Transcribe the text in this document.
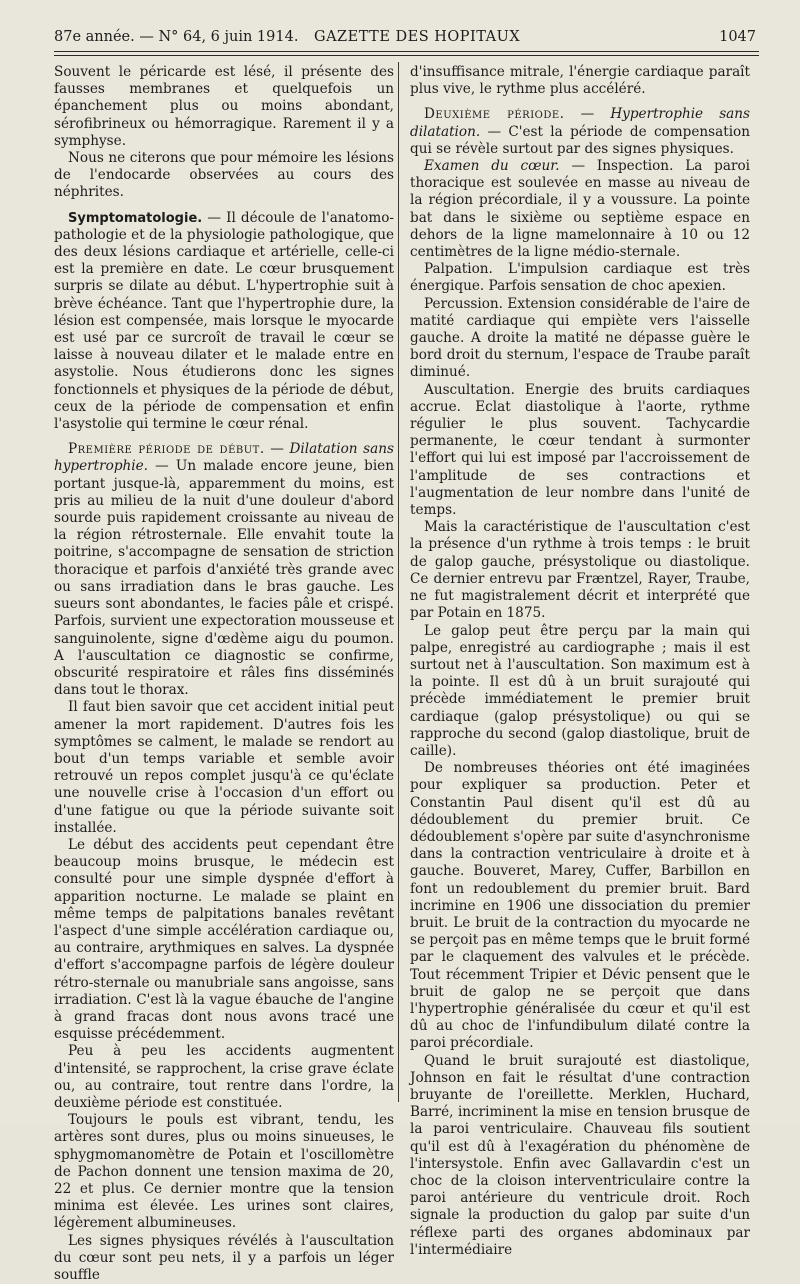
87e année. — N° 64, 6 juin 1914. GAZETTE DES HOPITAUX	1047

Souvent le péricarde est lésé, il présente des fausses membranes et quelquefois un épanchement plus ou moins abondant, sérofibrineux ou hémorragique. Rarement il y a symphyse.

Nous ne citerons que pour mémoire les lésions de l'endocarde observées au cours des néphrites.

Symptomatologie. — Il découle de l'anatomo-pathologie et de la physiologie pathologique, que des deux lésions cardiaque et artérielle, celle-ci est la première en date. Le cœur brusquement surpris se dilate au début. L'hypertrophie suit à brève échéance. Tant que l'hypertrophie dure, la lésion est compensée, mais lorsque le myocarde est usé par ce surcroît de travail le cœur se laisse à nouveau dilater et le malade entre en asystolie. Nous étudierons donc les signes fonctionnels et physiques de la période de début, ceux de la période de compensation et enfin l'asystolie qui termine le cœur rénal.

Première période de début. — Dilatation sans hypertrophie. — Un malade encore jeune, bien portant jusque-là, apparemment du moins, est pris au milieu de la nuit d'une douleur d'abord sourde puis rapidement croissante au niveau de la région rétrosternale. Elle envahit toute la poitrine, s'accompagne de sensation de striction thoracique et parfois d'anxiété très grande avec ou sans irradiation dans le bras gauche. Les sueurs sont abondantes, le facies pâle et crispé. Parfois, survient une expectoration mousseuse et sanguinolente, signe d'œdème aigu du poumon. A l'auscultation ce diagnostic se confirme, obscurité respiratoire et râles fins disséminés dans tout le thorax.

Il faut bien savoir que cet accident initial peut amener la mort rapidement. D'autres fois les symptômes se calment, le malade se rendort au bout d'un temps variable et semble avoir retrouvé un repos complet jusqu'à ce qu'éclate une nouvelle crise à l'occasion d'un effort ou d'une fatigue ou que la période suivante soit installée.

Le début des accidents peut cependant être beaucoup moins brusque, le médecin est consulté pour une simple dyspnée d'effort à apparition nocturne. Le malade se plaint en même temps de palpitations banales revêtant l'aspect d'une simple accélération cardiaque ou, au contraire, arythmiques en salves. La dyspnée d'effort s'accompagne parfois de légère douleur rétro-sternale ou manubriale sans angoisse, sans irradiation. C'est là la vague ébauche de l'angine à grand fracas dont nous avons tracé une esquisse précédemment.

Peu à peu les accidents augmentent d'intensité, se rapprochent, la crise grave éclate ou, au contraire, tout rentre dans l'ordre, la deuxième période est constituée.

Toujours le pouls est vibrant, tendu, les artères sont dures, plus ou moins sinueuses, le sphygmomanomètre de Potain et l'oscillomètre de Pachon donnent une tension maxima de 20, 22 et plus. Ce dernier montre que la tension minima est élevée. Les urines sont claires, légèrement albumineuses.

Les signes physiques révélés à l'auscultation du cœur sont peu nets, il y a parfois un léger souffle

d'insuffisance mitrale, l'énergie cardiaque paraît plus vive, le rythme plus accéléré.

Deuxième période. — Hypertrophie sans dilatation. — C'est la période de compensation qui se révèle surtout par des signes physiques.

Examen du cœur. — Inspection. La paroi thoracique est soulevée en masse au niveau de la région précordiale, il y a voussure. La pointe bat dans le sixième ou septième espace en dehors de la ligne mamelonnaire à 10 ou 12 centimètres de la ligne médio-sternale.

Palpation. L'impulsion cardiaque est très énergique. Parfois sensation de choc apexien.

Percussion. Extension considérable de l'aire de matité cardiaque qui empiète vers l'aisselle gauche. A droite la matité ne dépasse guère le bord droit du sternum, l'espace de Traube paraît diminué.

Auscultation. Energie des bruits cardiaques accrue. Eclat diastolique à l'aorte, rythme régulier le plus souvent. Tachycardie permanente, le cœur tendant à surmonter l'effort qui lui est imposé par l'accroissement de l'amplitude de ses contractions et l'augmentation de leur nombre dans l'unité de temps.

Mais la caractéristique de l'auscultation c'est la présence d'un rythme à trois temps : le bruit de galop gauche, présystolique ou diastolique. Ce dernier entrevu par Fræntzel, Rayer, Traube, ne fut magistralement décrit et interprété que par Potain en 1875.

Le galop peut être perçu par la main qui palpe, enregistré au cardiographe ; mais il est surtout net à l'auscultation. Son maximum est à la pointe. Il est dû à un bruit surajouté qui précède immédiatement le premier bruit cardiaque (galop présystolique) ou qui se rapproche du second (galop diastolique, bruit de caille).

De nombreuses théories ont été imaginées pour expliquer sa production. Peter et Constantin Paul disent qu'il est dû au dédoublement du premier bruit. Ce dédoublement s'opère par suite d'asynchronisme dans la contraction ventriculaire à droite et à gauche. Bouveret, Marey, Cuffer, Barbillon en font un redoublement du premier bruit. Bard incrimine en 1906 une dissociation du premier bruit. Le bruit de la contraction du myocarde ne se perçoit pas en même temps que le bruit formé par le claquement des valvules et le précède. Tout récemment Tripier et Dévic pensent que le bruit de galop ne se perçoit que dans l'hypertrophie généralisée du cœur et qu'il est dû au choc de l'infundibulum dilaté contre la paroi précordiale.

Quand le bruit surajouté est diastolique, Johnson en fait le résultat d'une contraction bruyante de l'oreillette. Merklen, Huchard, Barré, incriminent la mise en tension brusque de la paroi ventriculaire. Chauveau fils soutient qu'il est dû à l'exagération du phénomène de l'intersystole. Enfin avec Gallavardin c'est un choc de la cloison interventriculaire contre la paroi antérieure du ventricule droit. Roch signale la production du galop par suite d'un réflexe parti des organes abdominaux par l'intermédiaire
